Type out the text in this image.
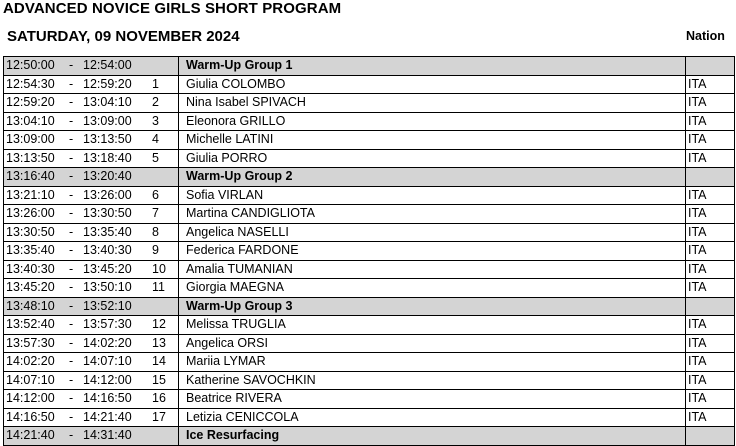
ADVANCED NOVICE GIRLS SHORT PROGRAM
SATURDAY, 09 NOVEMBER 2024	Nation
12:50:00 - 12:54:00	Warm-Up Group 1	

12:54:30 - 12:59:20 1	Giulia COLOMBO	ITA

12:59:20 - 13:04:10 2	Nina Isabel SPIVACH	ITA

13:04:10 - 13:09:00 3	Eleonora GRILLO	ITA

13:09:00 - 13:13:50 4	Michelle LATINI	ITA

13:13:50 - 13:18:40 5	Giulia PORRO	ITA

13:16:40 - 13:20:40	Warm-Up Group 2	

13:21:10 - 13:26:00 6	Sofia VIRLAN	ITA

13:26:00 - 13:30:50 7	Martina CANDIGLIOTA	ITA

13:30:50 - 13:35:40 8	Angelica NASELLI	ITA

13:35:40 - 13:40:30 9	Federica FARDONE	ITA

13:40:30 - 13:45:20 10	Amalia TUMANIAN	ITA

13:45:20 - 13:50:10 11	Giorgia MAEGNA	ITA

13:48:10 - 13:52:10	Warm-Up Group 3	

13:52:40 - 13:57:30 12	Melissa TRUGLIA	ITA

13:57:30 - 14:02:20 13	Angelica ORSI	ITA

14:02:20 - 14:07:10 14	Mariia LYMAR	ITA

14:07:10 - 14:12:00 15	Katherine SAVOCHKIN	ITA

14:12:00 - 14:16:50 16	Beatrice RIVERA	ITA

14:16:50 - 14:21:40 17	Letizia CENICCOLA	ITA

14:21:40 - 14:31:40	Ice Resurfacing	
